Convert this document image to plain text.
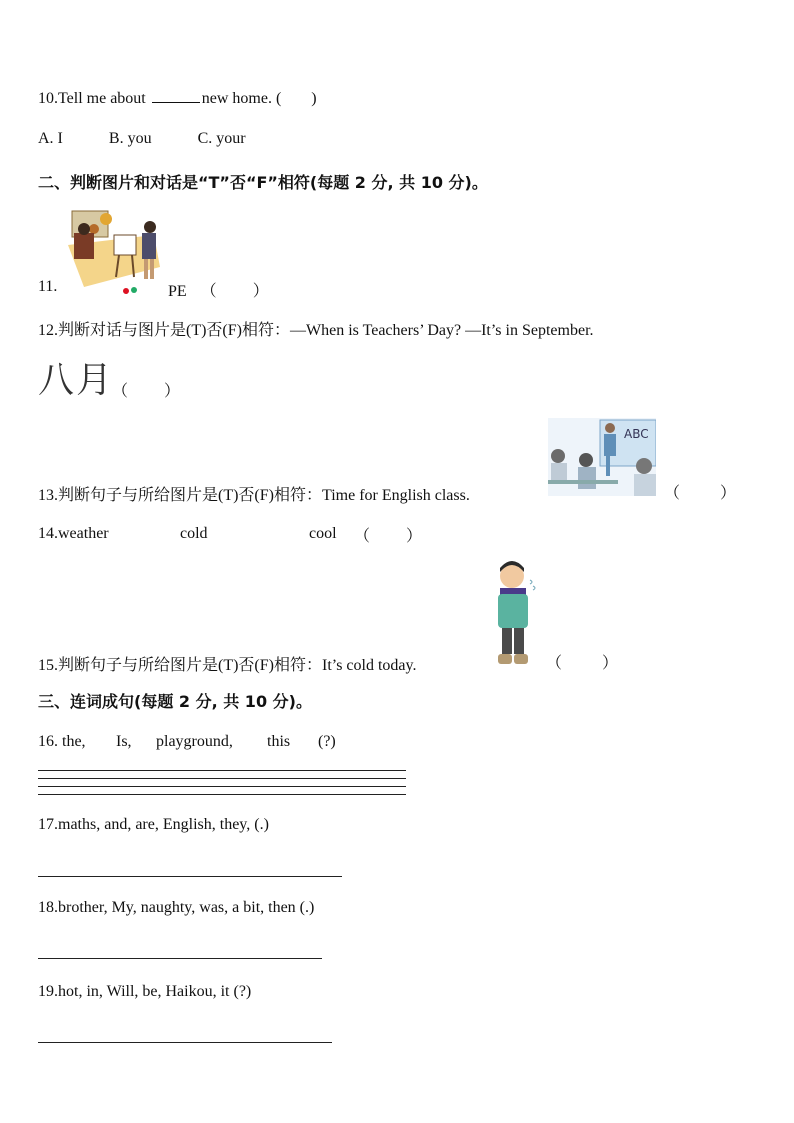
10.Tell me about	new home. ( )
A. I	B. you	C. your
二、判断图片和对话是“T”否“F”相符(每题 2 分, 共 10 分)。
11.	PE （ ）
12.判断对话与图片是(T)否(F)相符：—When is Teachers’ Day? —It’s in September.
八月
（ ）
ABC
13.判断句子与所给图片是(T)否(F)相符：Time for English class.	（	）
14.weather	cold	cool （ ）
15.判断句子与所给图片是(T)否(F)相符：It’s cold today.	（	）
三、连词成句(每题 2 分, 共 10 分)。
16. the, Is, playground, this (?)
17.maths, and, are, English, they, (.)
18.brother, My, naughty, was, a bit, then (.)
19.hot, in, Will, be, Haikou, it (?)
